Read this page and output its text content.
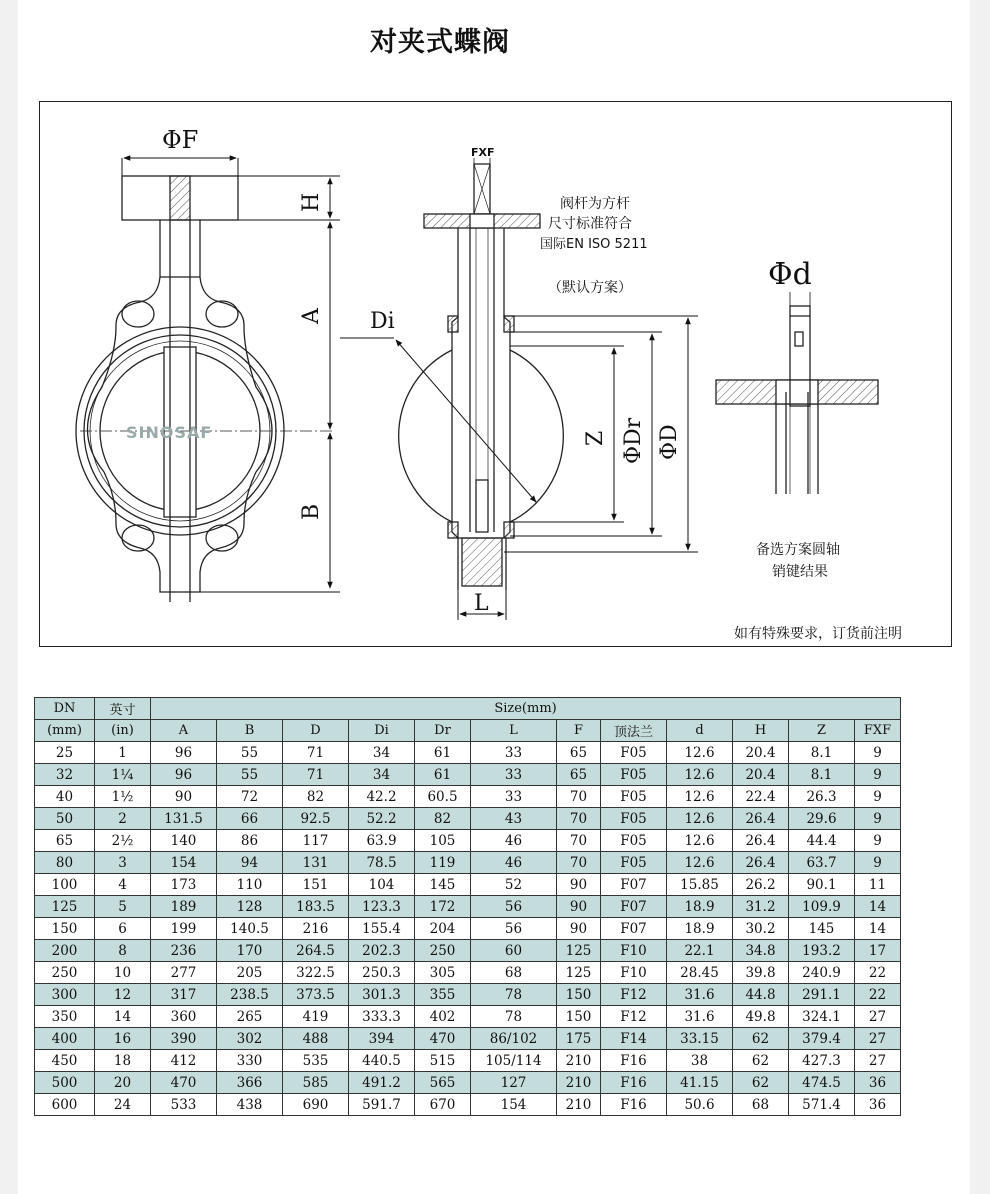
对夹式蝶阀
SINOSAF
ΦF
H
A
B
FXF
Di
Z ΦDr ΦD
L
阀杆为方杆
尺寸标准符合
国际EN ISO 5211
（默认方案）	Φd
备选方案圆轴
销键结果
如有特殊要求，订货前注明
DN	英寸	Size(mm)											
(mm)	(in)	A	B	D	Di	Dr	L	F	顶法兰	d	H	Z	FXF
25	1	96	55	71	34	61	33	65	F05	12.6	20.4	8.1	9
32	1¼	96	55	71	34	61	33	65	F05	12.6	20.4	8.1	9
40	1½	90	72	82	42.2	60.5	33	70	F05	12.6	22.4	26.3	9
50	2	131.5	66	92.5	52.2	82	43	70	F05	12.6	26.4	29.6	9
65	2½	140	86	117	63.9	105	46	70	F05	12.6	26.4	44.4	9
80	3	154	94	131	78.5	119	46	70	F05	12.6	26.4	63.7	9
100	4	173	110	151	104	145	52	90	F07	15.85	26.2	90.1	11
125	5	189	128	183.5	123.3	172	56	90	F07	18.9	31.2	109.9	14
150	6	199	140.5	216	155.4	204	56	90	F07	18.9	30.2	145	14
200	8	236	170	264.5	202.3	250	60	125	F10	22.1	34.8	193.2	17
250	10	277	205	322.5	250.3	305	68	125	F10	28.45	39.8	240.9	22
300	12	317	238.5	373.5	301.3	355	78	150	F12	31.6	44.8	291.1	22
350	14	360	265	419	333.3	402	78	150	F12	31.6	49.8	324.1	27
400	16	390	302	488	394	470	86/102	175	F14	33.15	62	379.4	27
450	18	412	330	535	440.5	515	105/114	210	F16	38	62	427.3	27
500	20	470	366	585	491.2	565	127	210	F16	41.15	62	474.5	36
600	24	533	438	690	591.7	670	154	210	F16	50.6	68	571.4	36
